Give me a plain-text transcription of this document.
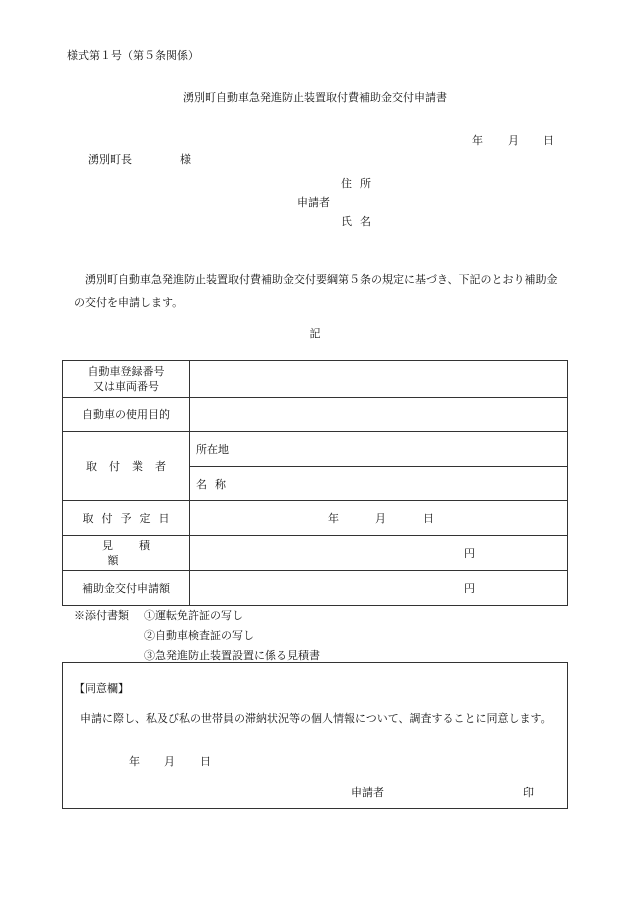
様式第１号（第５条関係）
湧別町自動車急発進防止装置取付費補助金交付申請書
年 月 日
湧別町長	様
住所
申請者
氏名
湧別町自動車急発進防止装置取付費補助金交付要綱第５条の規定に基づき、下記のとおり補助金の交付を申請します。
記
自動車登録番号
又は車両番号	

自動車の使用目的	
取付業者	所在地
	名称
取付予定日	年 月 日

見積額	円

補助金交付申請額	円
※添付書類 ①運転免許証の写し
②自動車検査証の写し
③急発進防止装置設置に係る見積書
【同意欄】
申請に際し、私及び私の世帯員の滞納状況等の個人情報について、調査することに同意します。
年 月 日
申請者	印
